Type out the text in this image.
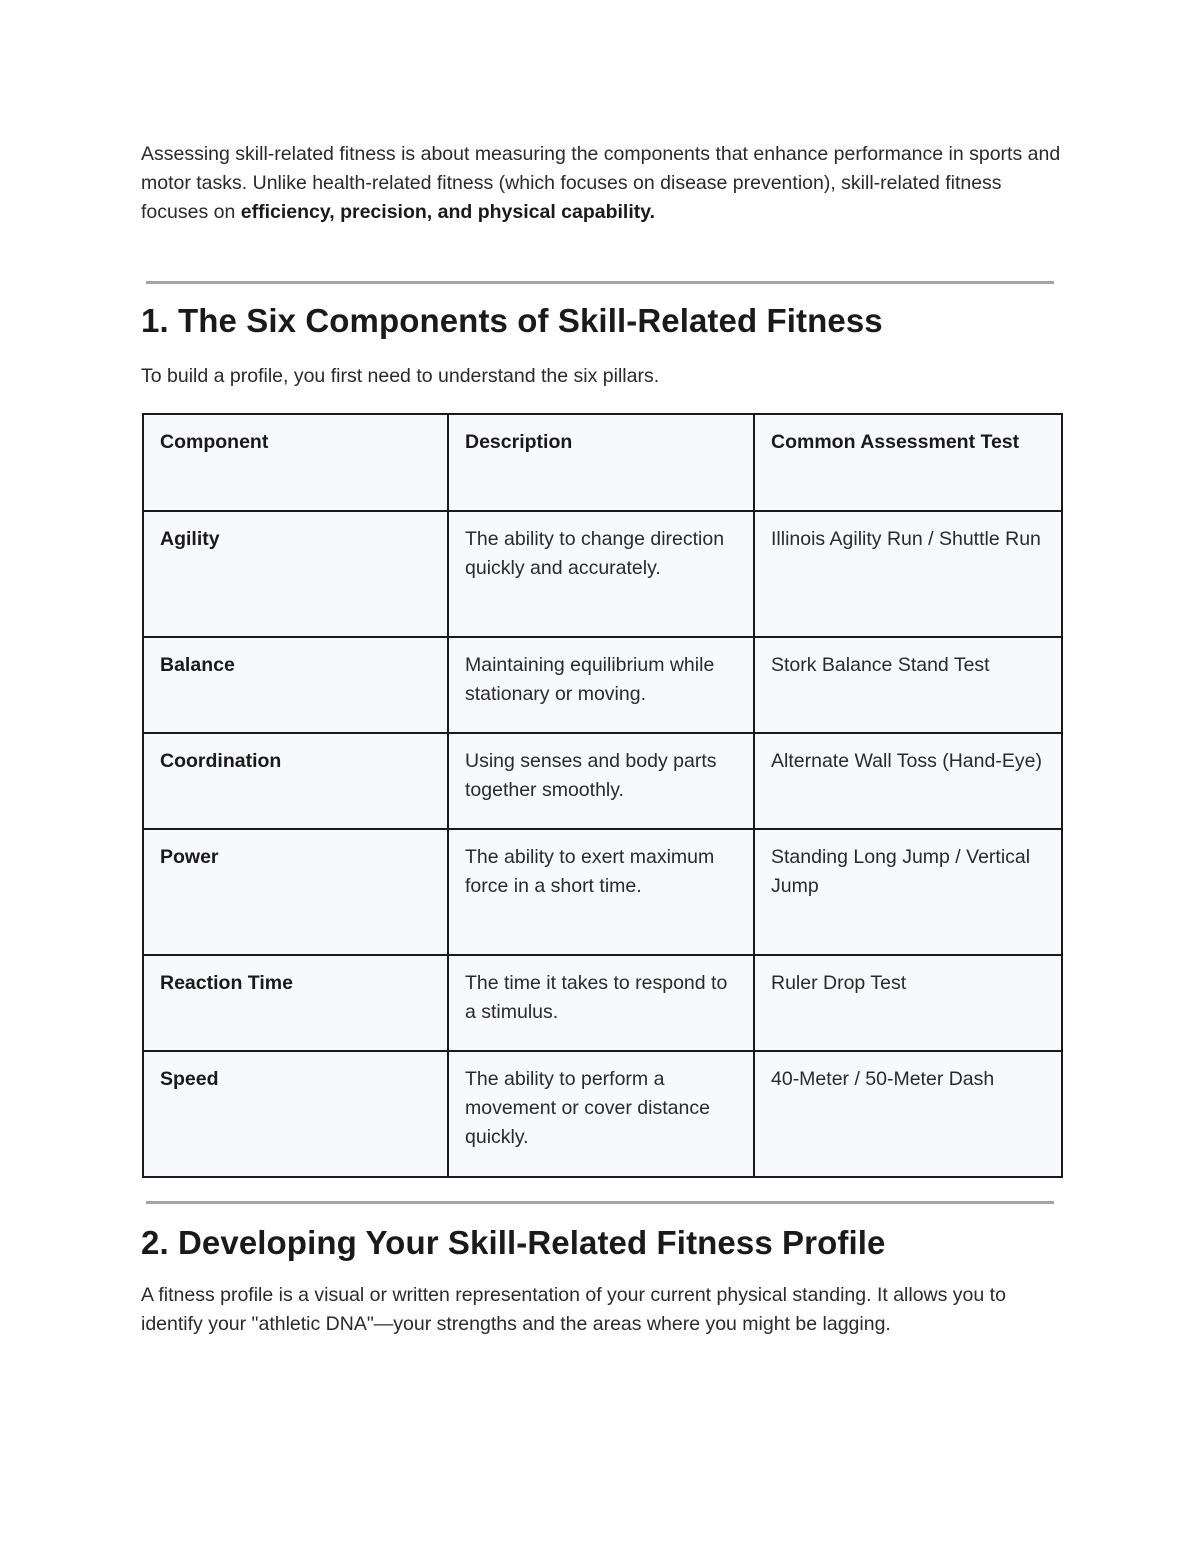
Assessing skill-related fitness is about measuring the components that enhance performance in sports and motor tasks. Unlike health-related fitness (which focuses on disease prevention), skill-related fitness focuses on efficiency, precision, and physical capability.

1. The Six Components of Skill-Related Fitness

To build a profile, you first need to understand the six pillars.

Component	Description	Common Assessment Test
Agility	The ability to change direction quickly and accurately.	Illinois Agility Run / Shuttle Run
Balance	Maintaining equilibrium while stationary or moving.	Stork Balance Stand Test
Coordination	Using senses and body parts together smoothly.	Alternate Wall Toss (Hand-Eye)
Power	The ability to exert maximum force in a short time.	Standing Long Jump / Vertical Jump
Reaction Time	The time it takes to respond to a stimulus.	Ruler Drop Test
Speed	The ability to perform a movement or cover distance quickly.	40-Meter / 50-Meter Dash
2. Developing Your Skill-Related Fitness Profile

A fitness profile is a visual or written representation of your current physical standing. It allows you to identify your "athletic DNA"—your strengths and the areas where you might be lagging.
